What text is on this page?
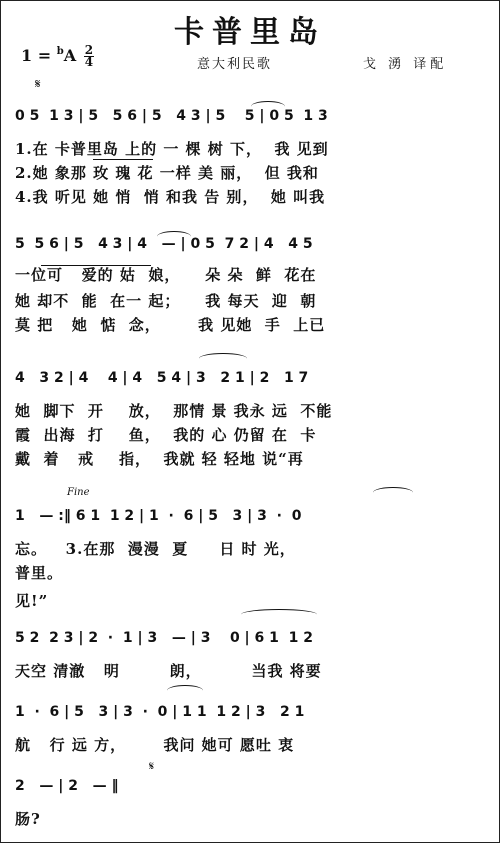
卡普里岛
$1 = ^bA \frac{2}{4}$	意大利民歌	戈 湧 译配
𝄋
Fine
0 5  1 3 | 5   5 6 | 5   4 3 | 5    5 | 0 5  1 3
1.在 卡普里岛 上的 一 棵 树 下，  我 见到
2.她 象那 玫 瑰 花 一样 美 丽，  但 我和
4.我 听见 她 悄  悄 和我 告 别，  她 叫我
5  5 6 | 5   4 3 | 4   — | 0 5  7 2 | 4   4 5
一位可   爱的 姑  娘，    朵 朵  鲜  花在
她 却不  能  在一 起；    我 每天  迎  朝
莫 把   她  惦  念，      我 见她  手  上已
4   3 2 | 4    4 | 4   5 4 | 3   2 1 | 2   1 7
她  脚下  开    放，  那情 景 我永 远  不能
霞  出海  打    鱼，  我的 心 仍留 在  卡
戴  着   戒    指，  我就 轻 轻地 说“再
1   — :‖ 6 1  1 2 | 1  ·  6 | 5   3 | 3  ·  0
忘。   3.在那  漫漫  夏     日 时 光，
普里。
见!”
5 2  2 3 | 2  ·  1 | 3   — | 3    0 | 6 1  1 2
天空 清澈   明        朗，        当我 将要
1  ·  6 | 5   3 | 3  ·  0 | 1 1  1 2 | 3   2 1
航   行 远 方，      我问 她可 愿吐 衷
2   — | 2   — ‖
𝄋
肠?
